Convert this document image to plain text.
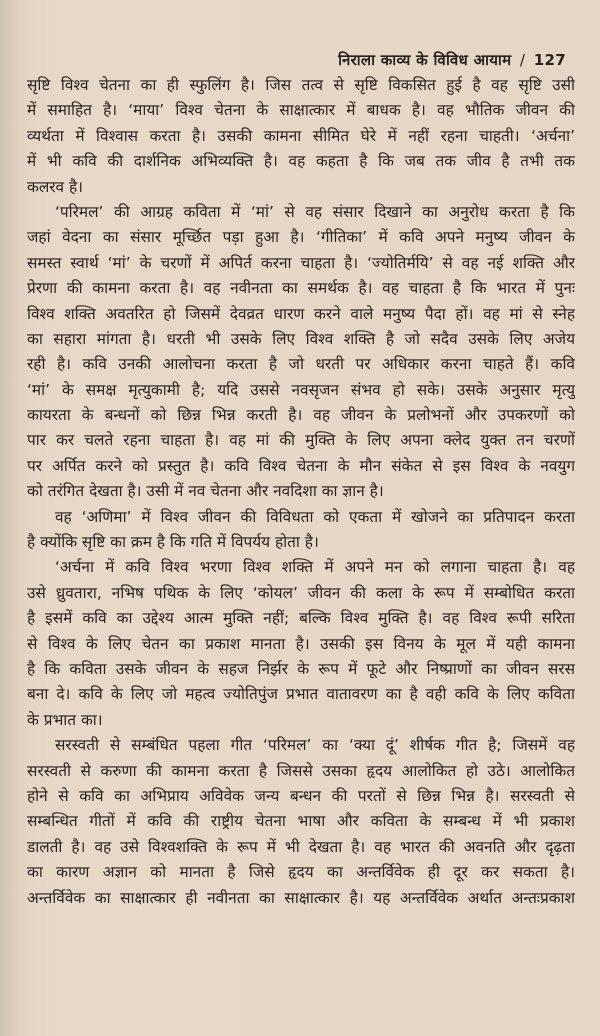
निराला काव्य के विविध आयाम / 127
सृष्टि विश्व चेतना का ही स्फुलिंग है। जिस तत्व से सृष्टि विकसित हुई है वह सृष्टि उसी
में समाहित है। ‘माया’ विश्व चेतना के साक्षात्कार में बाधक है। वह भौतिक जीवन की
व्यर्थता में विश्वास करता है। उसकी कामना सीमित घेरे में नहीं रहना चाहती। ‘अर्चना’
में भी कवि की दार्शनिक अभिव्यक्ति है। वह कहता है कि जब तक जीव है तभी तक
कलरव है।
‘परिमल’ की आग्रह कविता में ‘मां’ से वह संसार दिखाने का अनुरोध करता है कि
जहां वेदना का संसार मूर्च्छित पड़ा हुआ है। ‘गीतिका’ में कवि अपने मनुष्य जीवन के
समस्त स्वार्थ ‘मां’ के चरणों में अपिर्त करना चाहता है। ‘ज्योतिर्मयि’ से वह नई शक्ति और
प्रेरणा की कामना करता है। वह नवीनता का समर्थक है। वह चाहता है कि भारत में पुनः
विश्व शक्ति अवतरित हो जिसमें देवव्रत धारण करने वाले मनुष्य पैदा हों। वह मां से स्नेह
का सहारा मांगता है। धरती भी उसके लिए विश्व शक्ति है जो सदैव उसके लिए अजेय
रही है। कवि उनकी आलोचना करता है जो धरती पर अधिकार करना चाहते हैं। कवि
‘मां’ के समक्ष मृत्युकामी है; यदि उससे नवसृजन संभव हो सके। उसके अनुसार मृत्यु
कायरता के बन्धनों को छिन्न भिन्न करती है। वह जीवन के प्रलोभनों और उपकरणों को
पार कर चलते रहना चाहता है। वह मां की मुक्ति के लिए अपना क्लेद युक्त तन चरणों
पर अर्पित करने को प्रस्तुत है। कवि विश्व चेतना के मौन संकेत से इस विश्व के नवयुग
को तरंगित देखता है। उसी में नव चेतना और नवदिशा का ज्ञान है।
वह ‘अणिमा’ में विश्व जीवन की विविधता को एकता में खोजने का प्रतिपादन करता
है क्योंकि सृष्टि का क्रम है कि गति में विपर्यय होता है।
‘अर्चना में कवि विश्व भरणा विश्व शक्ति में अपने मन को लगाना चाहता है। वह
उसे ध्रुवतारा, नभिष पथिक के लिए ‘कोयल’ जीवन की कला के रूप में सम्बोधित करता
है इसमें कवि का उद्देश्य आत्म मुक्ति नहीं; बल्कि विश्व मुक्ति है। वह विश्व रूपी सरिता
से विश्व के लिए चेतन का प्रकाश मानता है। उसकी इस विनय के मूल में यही कामना
है कि कविता उसके जीवन के सहज निर्झर के रूप में फूटे और निष्प्राणों का जीवन सरस
बना दे। कवि के लिए जो महत्व ज्योतिपुंज प्रभात वातावरण का है वही कवि के लिए कविता
के प्रभात का।
सरस्वती से सम्बंधित पहला गीत ‘परिमल’ का ‘क्या दूं’ शीर्षक गीत है; जिसमें वह
सरस्वती से करुणा की कामना करता है जिससे उसका हृदय आलोकित हो उठे। आलोकित
होने से कवि का अभिप्राय अविवेक जन्य बन्धन की परतों से छिन्न भिन्न है। सरस्वती से
सम्बन्धित गीतों में कवि की राष्ट्रीय चेतना भाषा और कविता के सम्बन्ध में भी प्रकाश
डालती है। वह उसे विश्वशक्ति के रूप में भी देखता है। वह भारत की अवनति और दृढ़ता
का कारण अज्ञान को मानता है जिसे हृदय का अन्तर्विवेक ही दूर कर सकता है।
अन्तर्विवेक का साक्षात्कार ही नवीनता का साक्षात्कार है। यह अन्तर्विवेक अर्थात अन्तःप्रकाश
